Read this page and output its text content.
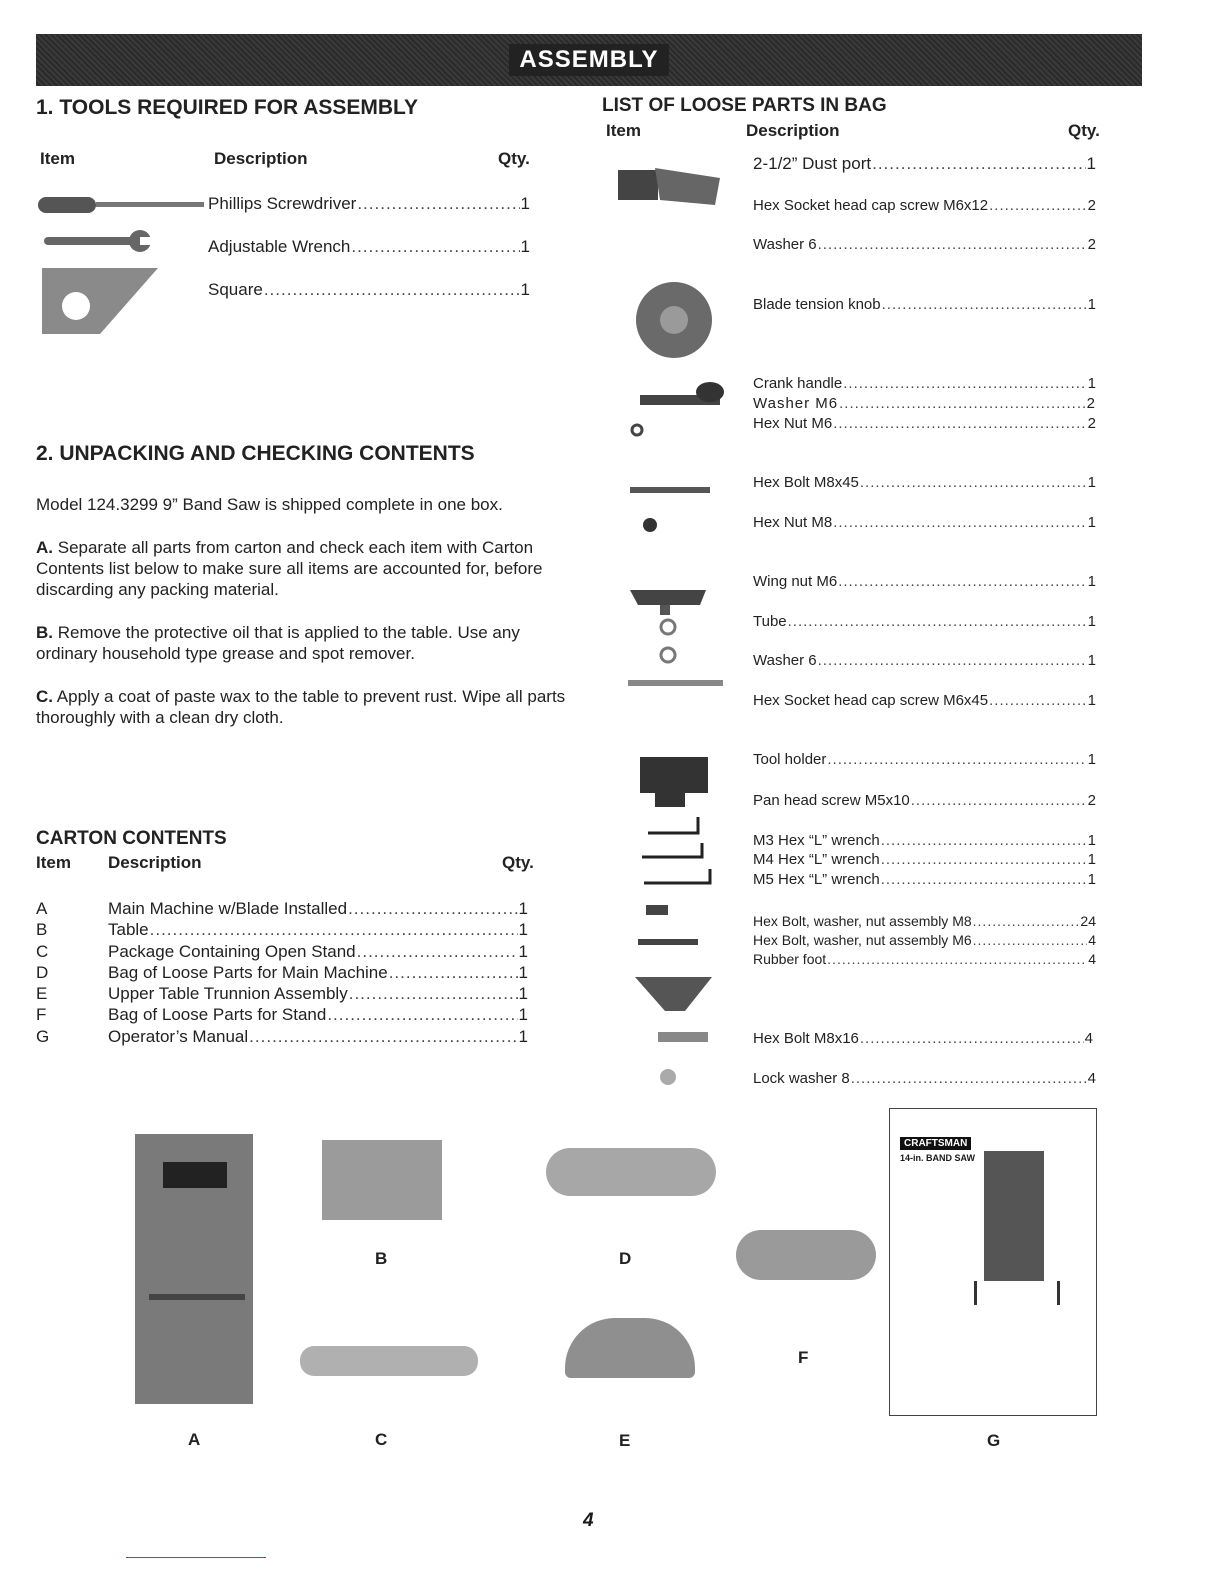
ASSEMBLY
1. TOOLS REQUIRED FOR ASSEMBLY
Item	Description	Qty.
Phillips Screwdriver .....	1
Adjustable Wrench .....	1
Square .....	1
2. UNPACKING AND CHECKING CONTENTS
Model 124.3299 9” Band Saw is shipped complete in one box.
A. Separate all parts from carton and check each item with Carton Contents list below to make sure all items are accounted for, before discarding any packing material.
B. Remove the protective oil that is applied to the table. Use any ordinary household type grease and spot remover.
C. Apply a coat of paste wax to the table to prevent rust. Wipe all parts thoroughly with a clean dry cloth.
CARTON CONTENTS
Item Description	Qty.
A	Main Machine w/Blade Installed .....	1
B	Table .....	1
C	Package Containing Open Stand .....	1
D	Bag of Loose Parts for Main Machine .....	1
E	Upper Table Trunnion Assembly .....	1
F	Bag of Loose Parts for Stand .....	1
G	Operator’s Manual .....	1
LIST OF LOOSE PARTS IN BAG
Item	Description	Qty.
2-1/2” Dust port .....	1
Hex Socket head cap screw M6x12 .....	2
Washer 6 .....	2
Blade tension knob .....	1
Crank handle .....	1
Washer M6 .....	2
Hex Nut M6 .....	2
Hex Bolt M8x45 .....	1
Hex Nut M8 .....	1
Wing nut M6 .....	1
Tube .....	1
Washer 6 .....	1
Hex Socket head cap screw M6x45 .....	1
Tool holder .....	1
Pan head screw M5x10 .....	2
M3 Hex “L” wrench .....	1
M4 Hex “L” wrench .....	1
M5 Hex “L” wrench .....	1
Hex Bolt, washer, nut assembly M8 .....	24
Hex Bolt, washer, nut assembly M6 .....	4
Rubber foot .....	4
Hex Bolt M8x16 .....	4
Lock washer 8 .....	4
CRAFTSMAN
14-in. BAND SAW
A
B
C
D
E
F
G
4
